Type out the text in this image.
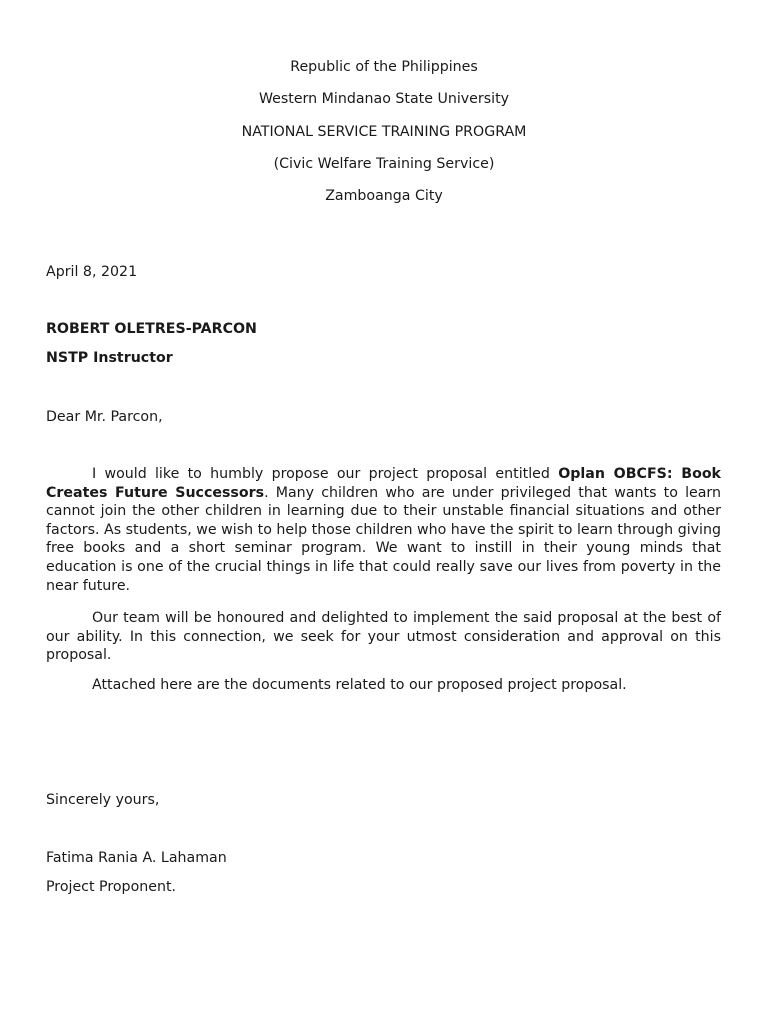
Republic of the Philippines
Western Mindanao State University
NATIONAL SERVICE TRAINING PROGRAM
(Civic Welfare Training Service)
Zamboanga City
April 8, 2021
ROBERT OLETRES-PARCON
NSTP Instructor
Dear Mr. Parcon,
I would like to humbly propose our project proposal entitled Oplan OBCFS: Book Creates Future Successors. Many children who are under privileged that wants to learn cannot join the other children in learning due to their unstable financial situations and other factors. As students, we wish to help those children who have the spirit to learn through giving free books and a short seminar program. We want to instill in their young minds that education is one of the crucial things in life that could really save our lives from poverty in the near future.
Our team will be honoured and delighted to implement the said proposal at the best of our ability. In this connection, we seek for your utmost consideration and approval on this proposal.
Attached here are the documents related to our proposed project proposal.
Sincerely yours,
Fatima Rania A. Lahaman
Project Proponent.
